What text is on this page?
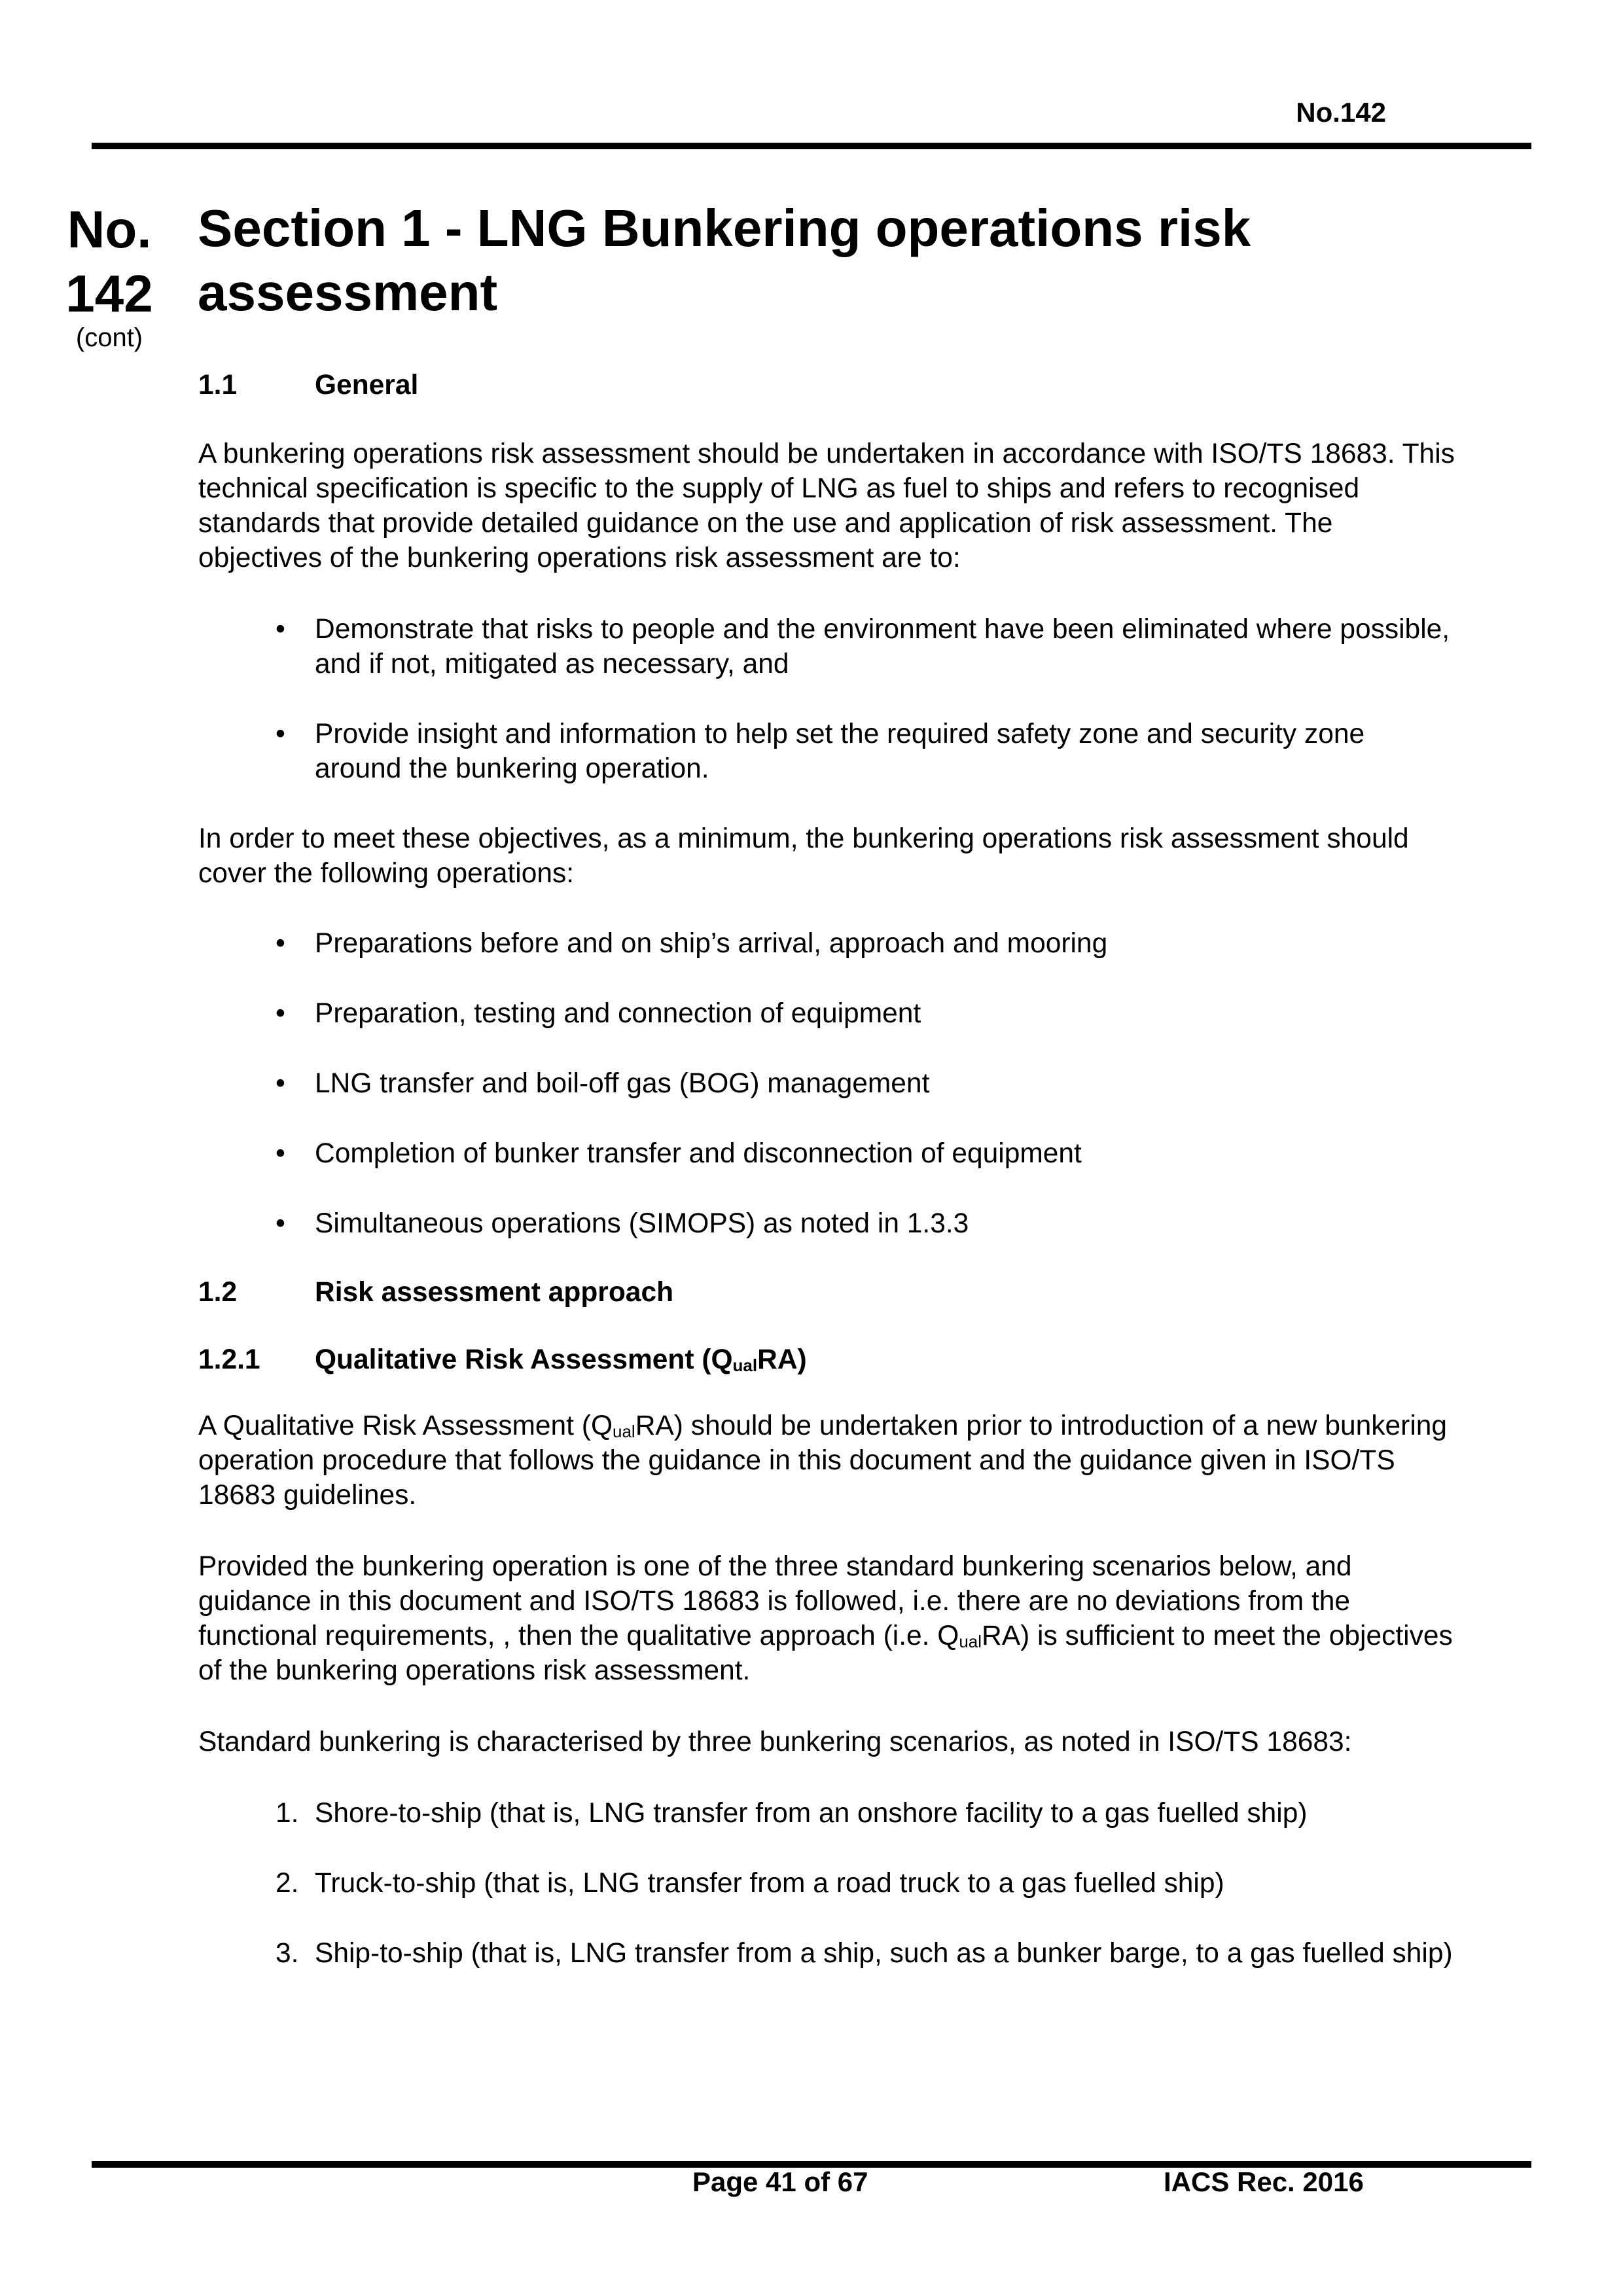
No.142
No.
142
(cont)
Section 1 - LNG Bunkering operations risk assessment

1.1	General

A bunkering operations risk assessment should be undertaken in accordance with ISO/TS 18683. This technical specification is specific to the supply of LNG as fuel to ships and refers to recognised standards that provide detailed guidance on the use and application of risk assessment. The objectives of the bunkering operations risk assessment are to:

• Demonstrate that risks to people and the environment have been eliminated where possible, and if not, mitigated as necessary, and
• Provide insight and information to help set the required safety zone and security zone around the bunkering operation.

In order to meet these objectives, as a minimum, the bunkering operations risk assessment should cover the following operations:

• Preparations before and on ship’s arrival, approach and mooring
• Preparation, testing and connection of equipment
• LNG transfer and boil-off gas (BOG) management
• Completion of bunker transfer and disconnection of equipment
• Simultaneous operations (SIMOPS) as noted in 1.3.3

1.2	Risk assessment approach

1.2.1 Qualitative Risk Assessment $(Q_{ual}RA)$

A Qualitative Risk Assessment $(Q_{ual}RA)$ should be undertaken prior to introduction of a new bunkering operation procedure that follows the guidance in this document and the guidance given in ISO/TS 18683 guidelines.

Provided the bunkering operation is one of the three standard bunkering scenarios below, and guidance in this document and ISO/TS 18683 is followed, i.e. there are no deviations from the functional requirements, , then the qualitative approach (i.e. $Q_{ual}RA$) is sufficient to meet the objectives of the bunkering operations risk assessment.

Standard bunkering is characterised by three bunkering scenarios, as noted in ISO/TS 18683:

1. Shore-to-ship (that is, LNG transfer from an onshore facility to a gas fuelled ship)
2. Truck-to-ship (that is, LNG transfer from a road truck to a gas fuelled ship)
3. Ship-to-ship (that is, LNG transfer from a ship, such as a bunker barge, to a gas fuelled ship)
Page 41 of 67	IACS Rec. 2016
